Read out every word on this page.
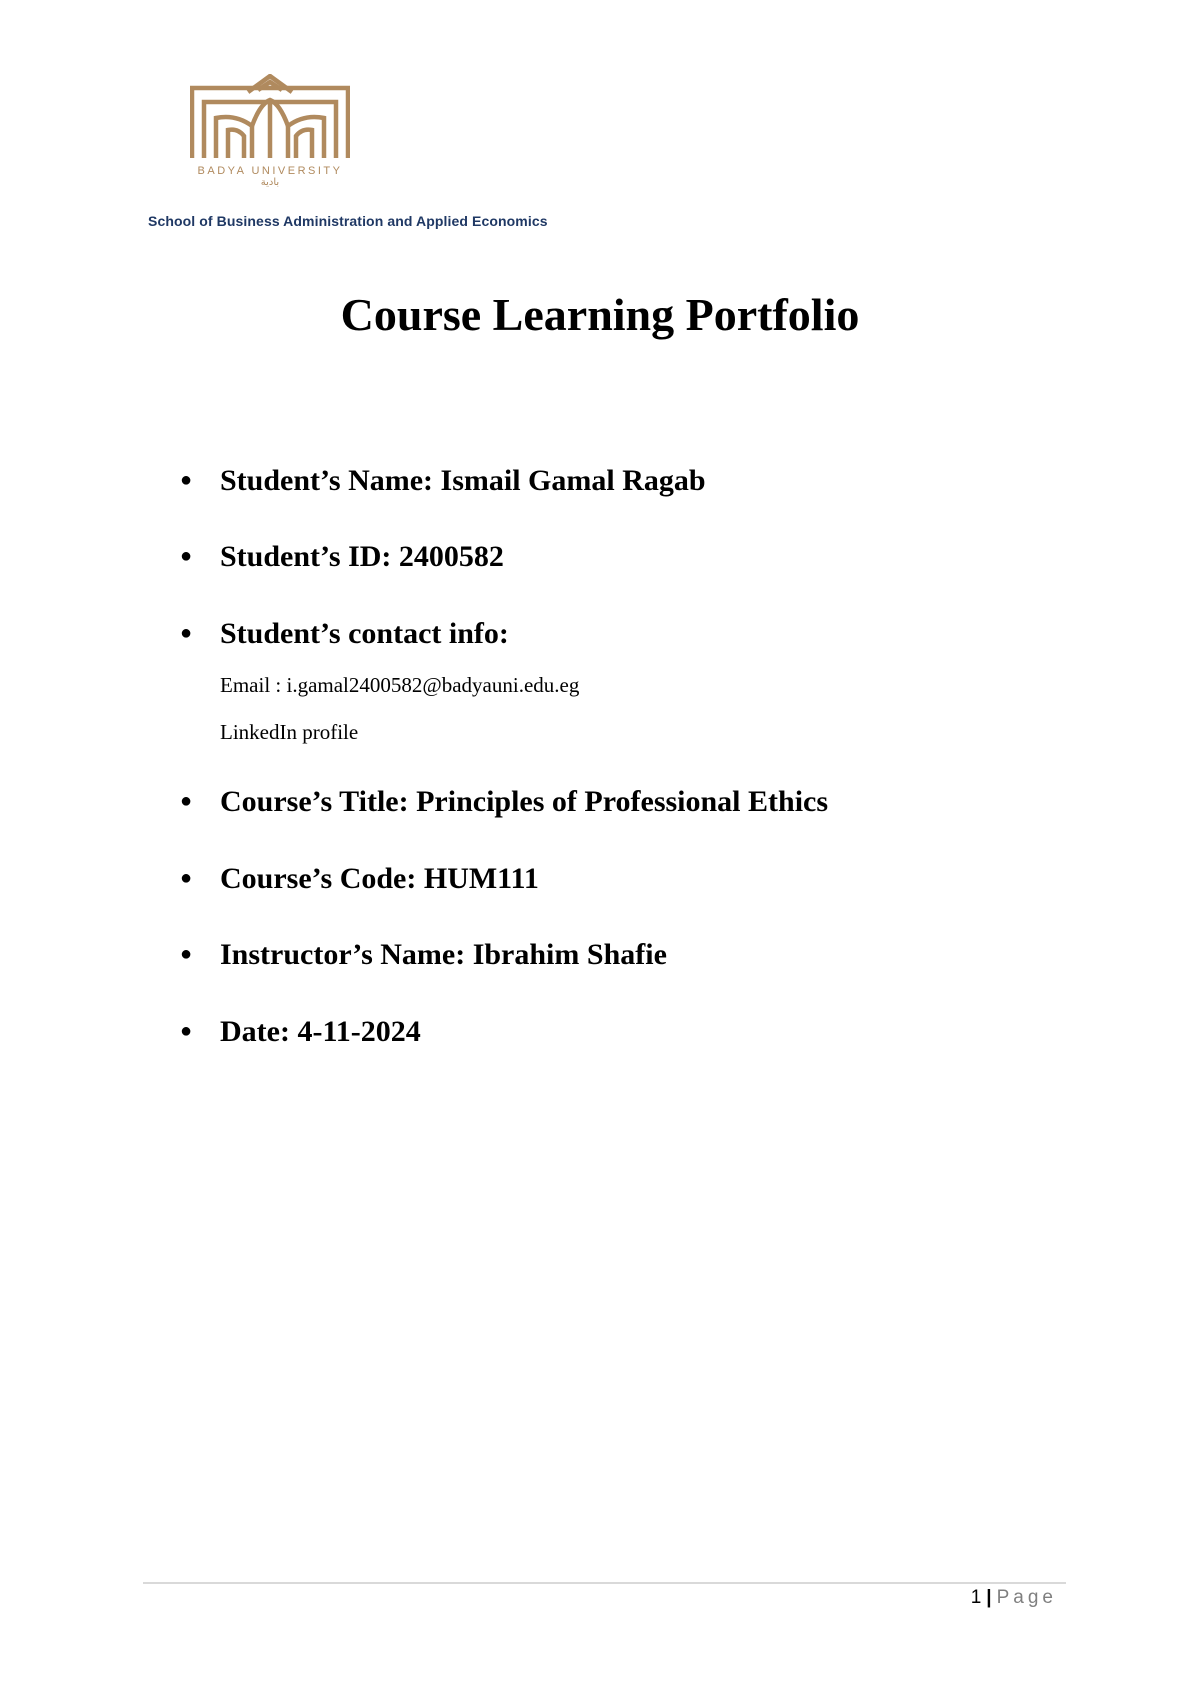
BADYA UNIVERSITY
بادية
School of Business Administration and Applied Economics
Course Learning Portfolio
● Student’s Name: Ismail Gamal Ragab
● Student’s ID: 2400582
● Student’s contact info:
Email : i.gamal2400582@badyauni.edu.eg
LinkedIn profile
● Course’s Title: Principles of Professional Ethics
● Course’s Code: HUM111
● Instructor’s Name: Ibrahim Shafie
● Date: 4-11-2024
1 | Page
